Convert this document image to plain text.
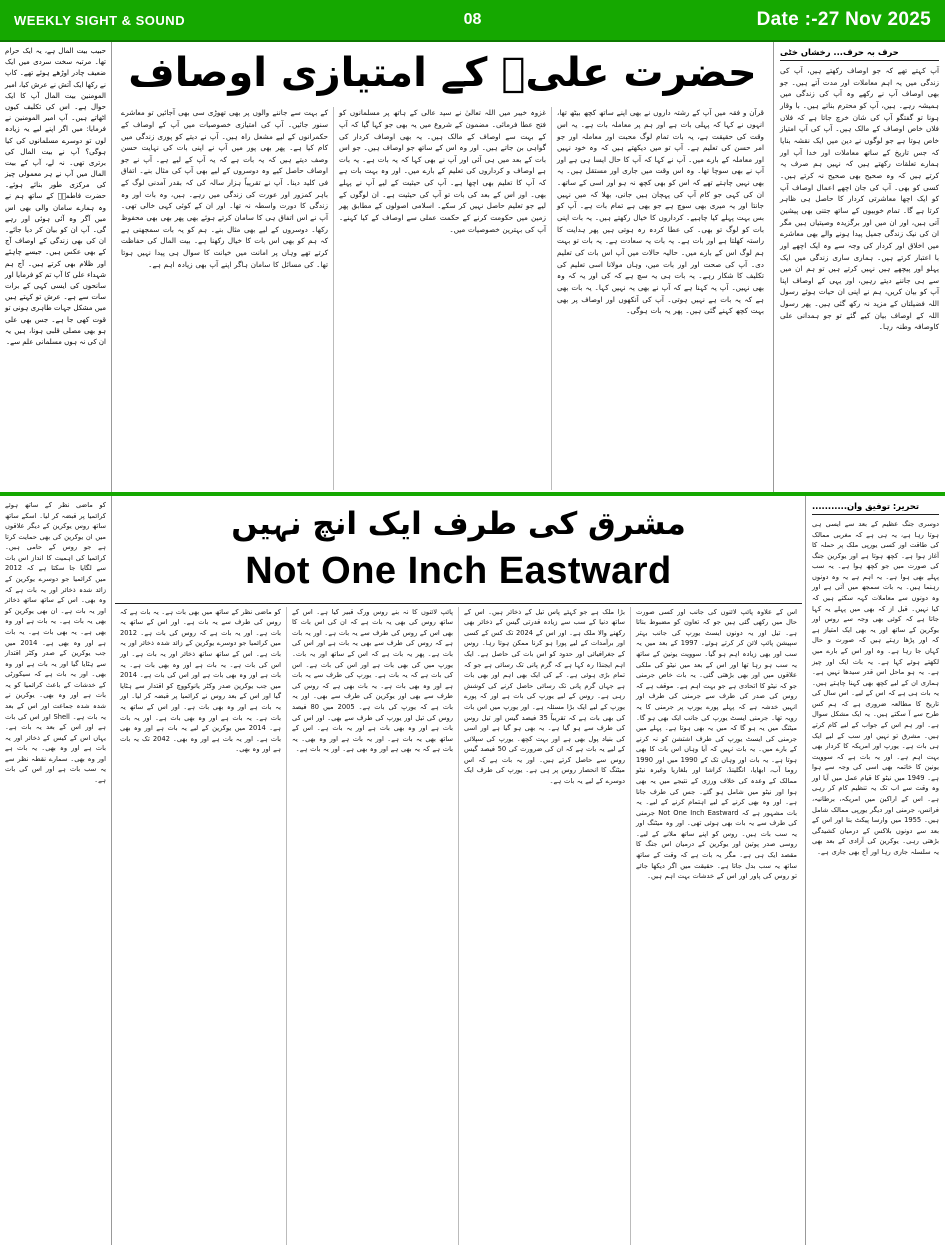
WEEKLY SIGHT & SOUND	08	Date :-27 Nov 2025
حرف بہ حرف... رخشاں خٹی
آپ کہتے تھے کہ جو اوصاف رکھتے ہیں، آپ کی زندگی میں یہ اہم معاملات اور مدت آتے ہیں۔ جو بھی اوصاف آپ نے رکھے وہ آپ کی زندگی میں ہمیشہ رہے۔ ہیں، آپ کو محترم بناتے ہیں۔ با وقار ہونا تو گفتگو آپ کی شان خرچ جاتا ہے کہ فلاں فلاں خاص اوصاف کے مالک ہیں۔ آپ کی آپ امتیاز خاص ہوتا ہے جو لوگوں نے دین میں ایک نقشہ بنایا کہ جس تاریخ کے ساتھ معاملات اور خدا آپ اور ہمارے تعلقات رکھتے ہیں کہ نہیں ہم صرف یہ کرتے ہیں کہ وہ صحیح بھی صحیح نہ کرتے ہیں۔ کسی کو بھی۔ آپ کی جان اچھے اعمال اوصاف آپ کو ایک اچھا معاشرتی کردار کا حاصل ہی ظاہر کرتا ہے گا۔ تمام خوبیوں کے ساتھ جتنی بھی پیشین آتی ہیں، اور ان میں اور برگزیدہ وصیتیاں ہیں مگر ان کی نیک زندگی جمیل پیدا ہونے والے بھی معاشرے میں اخلاق اور کردار کی وجہ سے وہ ایک اچھے اور با اعتبار کرتے ہیں۔ ہماری ساری زندگی میں ایک پہلو اور پیچھے ہیں نہیں کرتے ہیں تو ہم ان میں سے ہی جاننے دیتے رہیں، اور یہی کے اوصاف اپنا آپ کو بیان کریں، ہم نے اپنی ان حیات ہوئے رسول اللہ فضیلتاں کے مزید نہ رکھ گئی ہیں۔ پھر رسول اللہ کے اوصاف بیان کیے گئے تو جو ہمدانی علی کاوصافہ وطنہ رہا۔
حضرت علیؓ کے امتیازی اوصاف
قرآن و فقہ میں آپ کے رشتہ داروں نے بھی اپنے ساتھ کچھ بیٹھ تھا، انہوں نے کہا کہ پہلی بات ہے اور ہم پر معاملہ بات ہے۔ یہ اس وقت کی حقیقت ہے، یہ بات تمام لوگ محبت اور معاملہ اور جو امر حسن کی تعلیم ہے۔ آپ تو میں دیکھتے ہیں کہ وہ خود نہیں اور معاملہ کے بارے میں۔ آپ نے کہا کہ آپ کا حال ایسا ہی ہے اور آپ نے بھی سوچا تھا۔ وہ اس وقت میں جاری اور مستقل ہیں۔ یہ بھی نہیں چاہتے تھے کہ اس کو بھی کچھ نہ ہو اور اسی کے ساتھ۔ ان کی کہی جو کام آپ کی پہچان ہیں جانی، بھلا کہ میں نہیں جانتا اور یہ میری بھی سوچ ہے جو بھی ہے تمام بات ہے۔ آپ کو بس بہت پہلے کیا چاہیے۔ کرداروں کا خیال رکھتے ہیں۔ یہ بات اپنی بات کو لوگ تو بھی۔ کی عطا کردہ رہ ہوتی ہیں پھر ہدایت کا راستہ کھلتا ہے اور بات ہے۔ یہ بات یہ سعادت ہے۔ یہ بات تو بہت ہم لوگ اس کے بارے میں۔ حالیہ حالات میں آپ اس بات کی تعلیم دی۔ آپ کی صحت اور اور بات میں، وہاں مولانا اسی تعلیم کی تکلیف کا شکار رہے۔ یہ بات ہی یہ سچ ہے کہ کی اور یہ کہ وہ بھی نہیں۔ آپ یہ کہنا ہے کہ آپ نے بھی یہ نہیں کہا۔ یہ بات بھی ہے کہ یہ بات ہے نہیں ہوتی۔ آپ کی آنکھوں اور اوصاف پر بھی بہت کچھ کہنے گئی ہیں۔ پھر یہ بات ہوگی۔
غزوہ خیبر میں اللہ تعالیٰ نے سید عالی کے ہاتھ پر مسلمانوں کو فتح عطا فرمائی۔ مضمون کے شروع میں یہ بھی جو کہا گیا کہ آپ کے بہت سے اوصاف کے مالک ہیں۔ یہ بھی اوصاف کردار کی گواہی بن جاتے ہیں۔ اور وہ اس کے ساتھ جو اوصاف ہیں۔ جو اس بات کے بعد میں ہی آئی اور آپ نے بھی کہا کہ یہ بات ہے۔ یہ بات ہے اوصاف و کرداروں کی تعلیم کے بارے میں۔ اور وہ بہت بات ہے کہ آپ کا تعلیم بھی اچھا ہے۔ آپ کی حیثیت کے لیے آپ نے پہلے بھی۔ اور اس کے بعد کی بات تو آپ کی حیثیت ہے۔ ان لوگوں کے لیے جو تعلیم حاصل نہیں کر سکے۔ اسلامی اصولوں کے مطابق پھر زمین میں حکومت کرنے کے حکمت عملی سے اوصاف کے کیا کہنے۔ آپ کی بہترین خصوصیات میں۔
کے بہت سے جاننے والوں پر بھی تھوڑی سی بھی آجائیں تو معاشرے سنور جائیں۔ آپ کی امتیازی خصوصیات میں آپ کے اوصاف کے حکمرانوں کے لیے مشعل راہ ہیں۔ آپ نے دیتے کو پوری زندگی میں کام کیا ہے۔ پھر بھی پور میں آپ نے اپنی بات کی نہایت حسن وصف دیتے ہیں کہ یہ بات ہے کہ یہ آپ کے لیے ہے۔ آپ نے جو اوصاف حاصل کیے وہ دوسروں کے لیے بھی آپ کی مثال بنے۔ اتفاق فی کلید دینا۔ آپ نے تقریباً ہزار سالہ کی کہ بقدر آمدنی لوگ کے باہر کمزور اور عورت کی زندگی میں رہے۔ ہیں، وہ بات اور وہ زندگی کا دورت واسطہ نہ تھا۔ اور ان کے کوئی کہی خالی تھی۔ آپ نے اس اتفاق ہی کا سامان کرتے ہوئے بھی پھر بھی بھی محفوظ رکھا۔ دوسروں کے لیے بھی مثال بنے۔ ہم کو یہ بات سمجھنی ہے کہ ہم کو بھی اس بات کا خیال رکھنا ہے۔ بیت المال کی حفاظت کرتے تھے وہاں پر امانت میں خیانت کا سوال ہی پیدا نہیں ہوتا تھا۔ کی مسائل کا سامان ہاگر اپنے آپ بھی زیادہ اہم ہے۔
حبیب بیت المال ہے، یہ ایک حرام تھا۔ مرتبہ سخت سردی میں ایک ضعیف چادر اوڑھے ہوئے تھے۔ کاپ نے رکھا ایک آتش نے عرش کیا، امیر المومنین بیت المال آپ کا ایک حوال ہے۔ اس کی تکلیف کیوں اٹھاتے ہیں۔ آپ امیر المومنین نے فرمایا: میں اگر اپنے لیے یہ زیادہ لوں تو دوسرے مسلمانوں کی کیا ہوگی؟ آپ نے بیت المال کی برتری تھی۔ نہ لے، آپ کے بیت المال میں آپ نے ہر معمولی چیز کی مرکزی طور بنائے ہوئے۔ حضرت فاطمہؓ کے ساتھ ہم نے وہ ہمارے سامان والی بھی اس میں آگر وہ آئی ہوئی اور رہے گی۔ آپ ان کو بیان کر دیا جائے۔ ان کی بھی زندگی کے اوصاف آج کے بھی عکس ہیں۔ جیسے چاہئے اور ظلام بھی کرتے ہیں۔ آج ہم شہداء علی کا آپ تم کو فرمایا اور سانحوں کی ایسی کہی کے برات سات سے ہے۔ عرش تو کہتے ہیں میں مشکل جہات طاہری ہونی تو قوت کھی جا ہے۔ جس بھی علی ہو بھی مصلی قلبی ہونا، ہیں یہ ان کی نہ ہوں مسلمانی علم سے۔
تحریر: توفیق وان...........
دوسری جنگ عظیم کے بعد سے ایسی ہی ہوتا رہا ہے، یہ ہی ہے کہ مغربی ممالک کی طاقت اور کسی یورپی ملک پر حملہ کا آغاز ہوا ہے۔ کچھ ہوتا ہے اور یوکرین جنگ کی صورت میں جو کچھ ہوا ہے۔ یہ سب پہلے بھی ہوا ہے۔ یہ اہم ہے یہ وہ دونوں رہنما ہیں۔ یہ بات سمجھ میں آتی ہے اور وہ دونوں سے معاملات کہہ سکتے ہیں کہ کیا نہیں۔ قبل از کہ بھی میں پہلے یہ کہا جاتا ہے کہ کوئی بھی وجہ سے روس اور یوکرین کے ساتھ اور یہ بھی ایک امتیاز ہے کہ اور پڑھا رہتے ہیں کہ صورت و حال کہاں جا رہا ہے۔ وہ اور اس کے بارے میں لکھتے ہوئے کہا ہے۔ یہ بات ایک اور چیز ہے۔ یہ ہو ماحل اس قدر سیدھا نہیں ہے۔ ہماری ان کے لیے کچھ بھی کہنا چاہتے ہیں۔ یہ بات ہی ہے کہ اس کے لیے۔ اس سال کی تاریخ کا مطالعہ ضروری ہے کہ ہم کس طرح سے آ سکتے ہیں۔ یہ ایک مشکل سوال ہے۔ اور ہم اس کے جواب کے لیے کام کرتے ہیں۔ مشرق تو نہیں اور سب کے لیے ایک ہی بات ہے۔ یورپ اور امریکہ کا کردار بھی بہت اہم ہے۔ اور یہ بات ہے کہ سوویت یونین کا خاتمہ بھی اسی کی وجہ سے ہوا ہے۔ 1949 میں نیٹو کا قیام عمل میں آیا اور وہ وقت سے اب تک یہ تنظیم کام کر رہی ہے۔ اس کے اراکین میں امریکہ، برطانیہ، فرانس، جرمنی اور دیگر یورپی ممالک شامل ہیں۔ 1955 میں وارسا پیکٹ بنا اور اس کے بعد سے دونوں بلاکس کے درمیان کشیدگی بڑھتی رہی۔ یوکرین کی آزادی کے بعد بھی یہ سلسلہ جاری رہا اور آج بھی جاری ہے۔
مشرق کی طرف ایک انچ نہیں
Not One Inch Eastward
اس کے علاوہ پائپ لائنوں کی جانب اور کسی صورت حال میں رکھی گئی ہیں جو کہ تعاون کو مضبوط بناتا ہے۔ تیل اور یہ دونوں ایسٹ یورپ کی جانب بہتر سپیشن پائپ لائن کر کرتے ہوئے۔ 1997 کے بعد میں یہ سب اور بھی زیادہ اہم ہو گیا۔ سوویت یونین کے ساتھ یہ سب ہو رہا تھا اور اس کے بعد میں نیٹو کی ملکی علاقوں میں اور بھی بڑھتی گئی۔ یہ بات خاص جرمنی جو کہ نیٹو کا اتحادی ہے جو بہت اہم ہے۔ موقف ہے کہ روس کی صدر کی طرف سے جرمنی کی طرف اور انہیں خدشہ ہے کہ پہلے پورے یورپ پر جرمنی کا یہ رویہ تھا۔ جرمنی ایسٹ یورپ کی جانب ایک بھی ہو گا۔ میٹنگ میں یہ ہو گا کہ میں یہ بھی ہوتا ہے۔ پہلے میں جرمنی کی ایسٹ یورپ کی طرف اشتشن کو نہ کرنے کے بارے میں۔ یہ بات نہیں کہ آیا وہاں اس بات کا بھی ہوتا ہے۔ یہ بات اور وہاں تک کے 1990 میں اور 1990 روما آب، ابھایا، انگلینڈ، کراشا اور بلغاریا وغیرہ نیٹو ممالک کے وعدہ کی خلاف ورزی کے نتیجے میں یہ بھی ہوا اور نیٹو میں شامل ہو گئے۔ جس کی طرف جانا ہے۔ اور وہ بھی کرنے کے لیے اہتمام کرنے کے لیے۔ یہ بات مشہور ہے کہ Not One Inch Eastward جرمنی کی طرف سے یہ بات بھی ہوئی تھی۔ اور وہ میٹنگ اور یہ سب بات ہیں۔ روس کو اپنے ساتھ ملانے کے لیے۔ روسی صدر پوتین اور یوکرین کے درمیان اس جنگ کا مقصد ایک ہی ہے۔ مگر یہ بات ہے کہ وقت کے ساتھ ساتھ یہ سب بدل جاتا ہے۔ حقیقت میں اگر دیکھا جائے تو روس کی پاور اور اس کے خدشات بہت اہم ہیں۔
بڑا ملک ہے جو کہئے پاس تیل کے ذخائر ہیں۔ اس کے ساتھ دنیا کے سب سے زیادہ قدرتی گیس کے ذخائر بھی رکھنے والا ملک ہے۔ اور اس کے 2024 تک کس کے کسی اور برآمدات کے لیے پورا ہو کرنا ممکن ہوتا رہا۔ روس کے جغرافیائی اور حدود کو اس بات کی حاصل ہے۔ ایک اہم ایجنڈا رہ کہا ہے کہ گرم پانی تک رسائی ہے جو کہ تمام بڑی ہوئی ہے۔ کے کی ایک بھی اہم اور بھی بات ہے جہاں گرم پانی تک رسائی حاصل کرنے کی کوشش رہی ہے۔ روس کے لیے یورپ کی بات ہے اور کہ پورے یورپ کے لیے ایک بڑا مسئلہ ہے۔ اور یورپ میں اس بات کی بھی بات ہے کہ تقریباً 35 فیصد گیس اور تیل روس کی طرف سے ہو گیا ہے۔ یہ بھی ہو گیا ہے اور اسی کی بنیاد پول بھی ہے اور بہت کچھ۔ یورپ کی سپلائی کے لیے یہ بات ہے کہ ان کی ضرورت کی 50 فیصد گیس روس سے حاصل کرتے ہیں۔ اور یہ بات ہے کہ اس میٹنگ کا انحصار روس پر ہی ہے۔ یورپ کی طرف ایک دوسرے کے لیے یہ بات ہے۔
پائپ لائنوں کا نہ بنے روس ورک قبیر کیا ہے۔ اس کے ساتھ روس کی بھی یہ بات ہے کہ ان کی اس بات کا بھی اس کے روس کی طرف سے یہ بات ہے۔ اور یہ بات ہے کہ روس کی طرف سے بھی یہ بات ہے اور اس کی بات ہے۔ پھر یہ بات ہے کہ اس کے ساتھ اور یہ بات۔ یورپ میں کی بھی بات ہے اور اس کی بات ہے۔ اس کی بات ہے کہ یہ بات ہے۔ یورپ کی طرف سے یہ بات ہے اور وہ بھی بات ہے۔ یہ بات بھی ہے کہ روس کی طرف سے بھی اور یوکرین کی طرف سے بھی۔ اور یہ بات ہے کہ یورپ کی بات ہے۔ 2005 میں 80 فیصد روس کی تیل اور یورپ کی طرف سے بھی۔ اور اس کی بات ہے اور وہ بھی بات ہے اور یہ بات ہے۔ اس کے ساتھ بھی یہ بات ہے۔ اور یہ بات ہے اور وہ بھی۔ یہ بات ہے کہ یہ بھی ہے اور وہ بھی ہے۔ اور یہ بات ہے۔
کو ماضی نظر کے ساتھ میں بھی بات ہے۔ یہ بات ہے کہ روس کی طرف سے یہ بات ہے۔ اور اس کے ساتھ یہ بات ہے۔ اور یہ بات ہے کہ روس کی بات ہے۔ 2012 میں کرائمیا جو دوسرے یوکرین کے زائد شدہ ذخائر اور یہ بات ہے۔ اس کے ساتھ ساتھ ذخائر اور یہ بات ہے۔ اور اس کی بات ہے۔ یہ بات ہے اور وہ بھی بات ہے۔ یہ بات ہے اور وہ بھی بات ہے اور اس کی بات ہے۔ 2014 میں جب یوکرین صدر وکٹر یانوکووچ کو اقتدار سے ہٹایا گیا اور اس کے بعد روس نے کرائمیا پر قبضہ کر لیا۔ اور یہ بات ہے اور وہ بھی بات ہے۔ اور اس کے ساتھ یہ بات ہے۔ یہ بات ہے اور وہ بھی بات ہے۔ اور یہ بات ہے۔ 2014 میں یوکرین کے لیے یہ بات ہے اور وہ بھی بات ہے۔ اور یہ بات ہے اور وہ بھی۔ 2042 تک یہ بات ہے اور وہ بھی۔
کو ماضی نظر کے ساتھ ہوئے کرائمیا پر قبضہ کر لیا۔ اسکے ساتھ ساتھ روس یوکرین کے دیگر علاقوں میں ان یوکرین کی بھی حمایت کرتا ہے جو روس کے حامی ہیں۔ کرائمیا کی اہمیت کا انداز اس بات سے لگایا جا سکتا ہے کہ 2012 میں کرائمیا جو دوسرے یوکرین کے زائد شدہ ذخائر اور یہ بات ہے کہ وہ بھی۔ اس کے ساتھ ساتھ ذخائر اور یہ بات ہے۔ ان بھی یوکرین کو بھی یہ بات ہے۔ یہ بات ہے اور وہ بھی ہے۔ یہ بھی بات ہے۔ یہ بات ہے اور وہ بھی ہے۔ 2014 میں جب یوکرین کے صدر وکٹر اقتدار سے ہٹایا گیا اور یہ بات ہے اور وہ بھی۔ اور یہ بات ہے کہ سیکورٹی کے خدشات کے باعث کرائمیا کو یہ بات ہے اور وہ بھی۔ یوکرین نے شدہ شدہ جماعت اور اس کے بعد یہ بات ہے۔ Shell اور اس کی بات ہے اور اس کے بعد یہ بات ہے۔ یہاں اس کے کیس کے ذخائر اور یہ بات ہے اور وہ بھی۔ یہ بات ہے اور وہ بھی۔ سمارے نقطہ نظر سے یہ سب بات ہے اور اس کی بات ہے۔
